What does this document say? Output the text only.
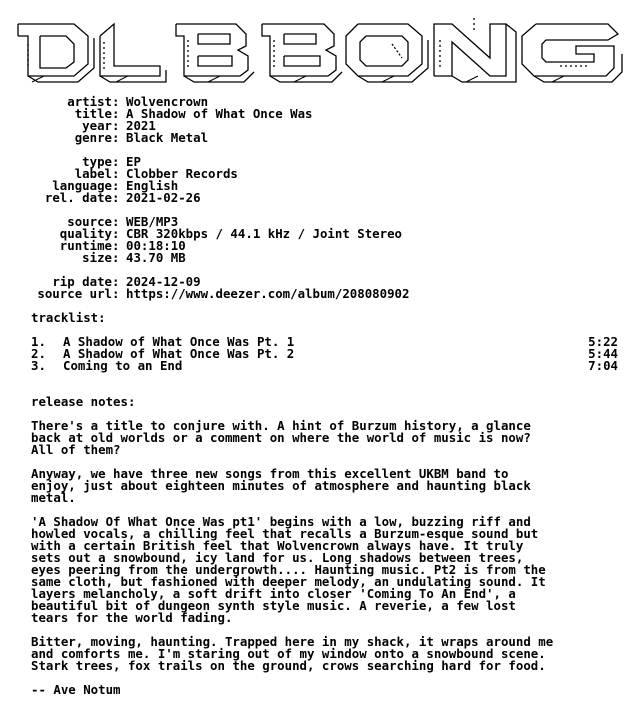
artist : Wolvencrown
title : A Shadow of What Once Was
year : 2021
genre : Black Metal
type : EP
label : Clobber Records
language : English
rel. date : 2021-02-26
source : WEB/MP3
quality : CBR 320kbps / 44.1 kHz / Joint Stereo
runtime : 00:18:10
size : 43.70 MB
rip date : 2024-12-09
source url : https://www.deezer.com/album/208080902
tracklist:
1.	A Shadow of What Once Was Pt. 1	5:22
2.	A Shadow of What Once Was Pt. 2	5:44
3.	Coming to an End	7:04
release notes:
There's a title to conjure with. A hint of Burzum history, a glance
back at old worlds or a comment on where the world of music is now?
All of them?
Anyway, we have three new songs from this excellent UKBM band to
enjoy, just about eighteen minutes of atmosphere and haunting black
metal.
'A Shadow Of What Once Was pt1' begins with a low, buzzing riff and
howled vocals, a chilling feel that recalls a Burzum-esque sound but
with a certain British feel that Wolvencrown always have. It truly
sets out a snowbound, icy land for us. Long shadows between trees,
eyes peering from the undergrowth.... Haunting music. Pt2 is from the
same cloth, but fashioned with deeper melody, an undulating sound. It
layers melancholy, a soft drift into closer 'Coming To An End', a
beautiful bit of dungeon synth style music. A reverie, a few lost
tears for the world fading.
Bitter, moving, haunting. Trapped here in my shack, it wraps around me
and comforts me. I'm staring out of my window onto a snowbound scene.
Stark trees, fox trails on the ground, crows searching hard for food.
-- Ave Notum
